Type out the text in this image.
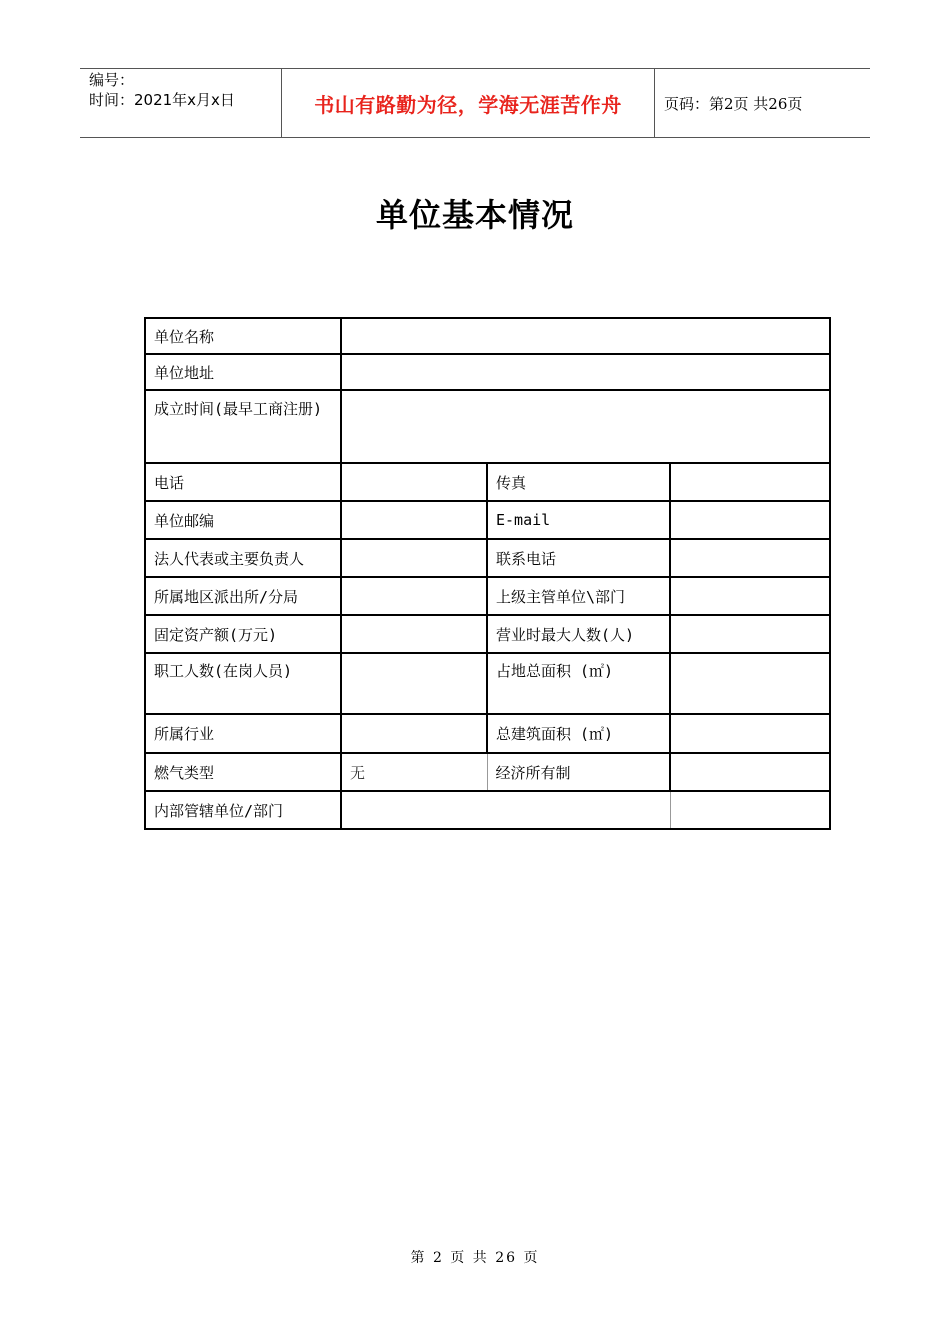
编号：
时间：2021年x月x日	书山有路勤为径，学海无涯苦作舟	页码：第2页 共26页
单位基本情况
单位名称			
单位地址			
成立时间(最早工商注册)			
电话		传真	
单位邮编		E-mail	
法人代表或主要负责人		联系电话	
所属地区派出所/分局		上级主管单位\部门	
固定资产额(万元)		营业时最大人数(人)	
职工人数(在岗人员)		占地总面积 (㎡)	
所属行业		总建筑面积 (㎡)	
燃气类型	无	经济所有制	
内部管辖单位/部门			
第 2 页 共 26 页
